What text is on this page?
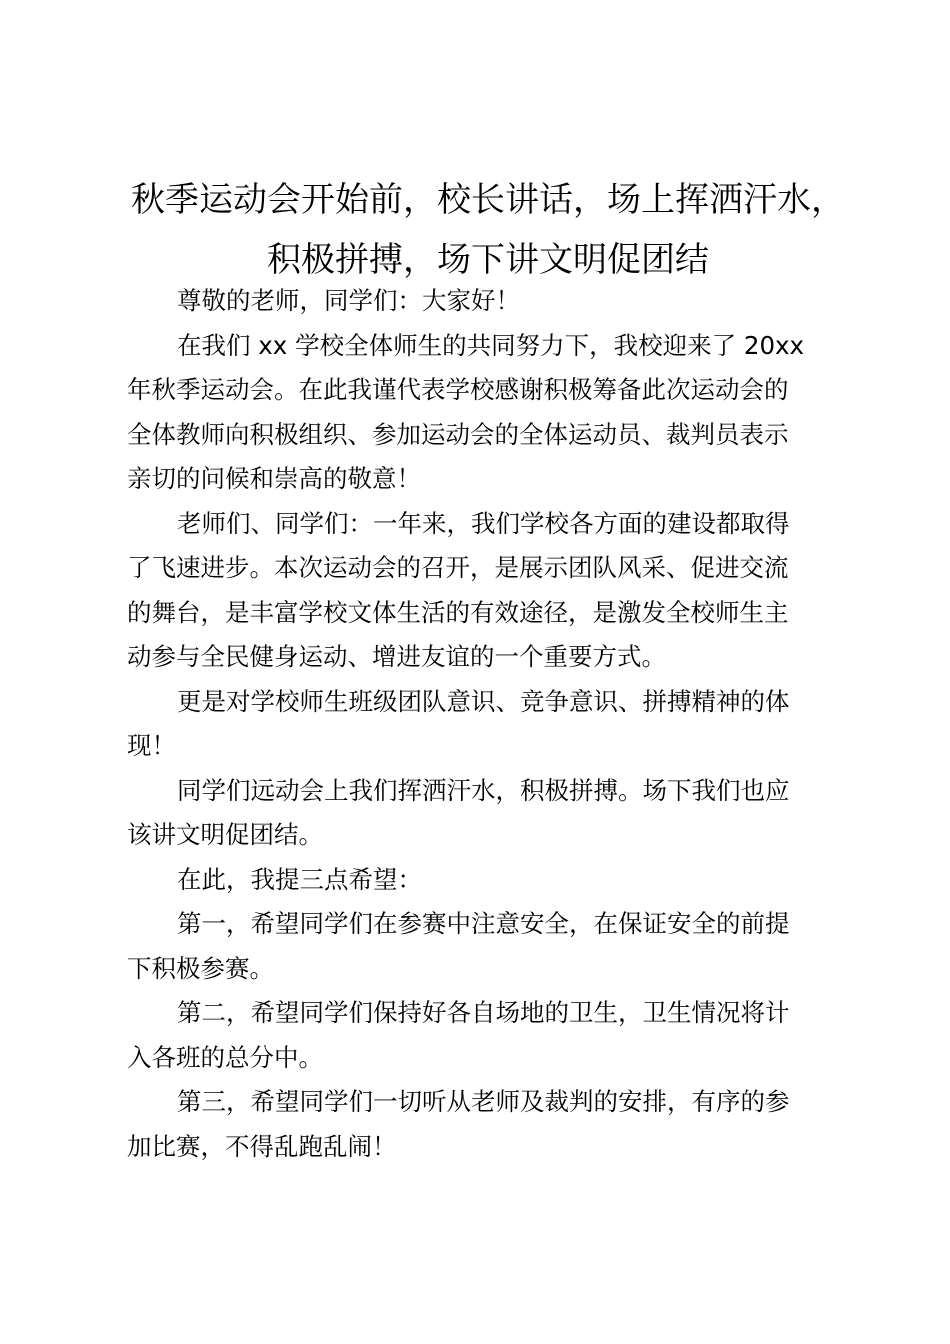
秋季运动会开始前，校长讲话，场上挥洒汗水，
积极拼搏，场下讲文明促团结
尊敬的老师，同学们：大家好！
在我们 xx 学校全体师生的共同努力下，我校迎来了 20xx
年秋季运动会。在此我谨代表学校感谢积极筹备此次运动会的
全体教师向积极组织、参加运动会的全体运动员、裁判员表示
亲切的问候和崇高的敬意！
老师们、同学们：一年来，我们学校各方面的建设都取得
了飞速进步。本次运动会的召开，是展示团队风采、促进交流
的舞台，是丰富学校文体生活的有效途径，是激发全校师生主
动参与全民健身运动、增进友谊的一个重要方式。
更是对学校师生班级团队意识、竞争意识、拼搏精神的体
现！
同学们远动会上我们挥洒汗水，积极拼搏。场下我们也应
该讲文明促团结。
在此，我提三点希望：
第一，希望同学们在参赛中注意安全，在保证安全的前提
下积极参赛。
第二，希望同学们保持好各自场地的卫生，卫生情况将计
入各班的总分中。
第三，希望同学们一切听从老师及裁判的安排，有序的参
加比赛，不得乱跑乱闹！
